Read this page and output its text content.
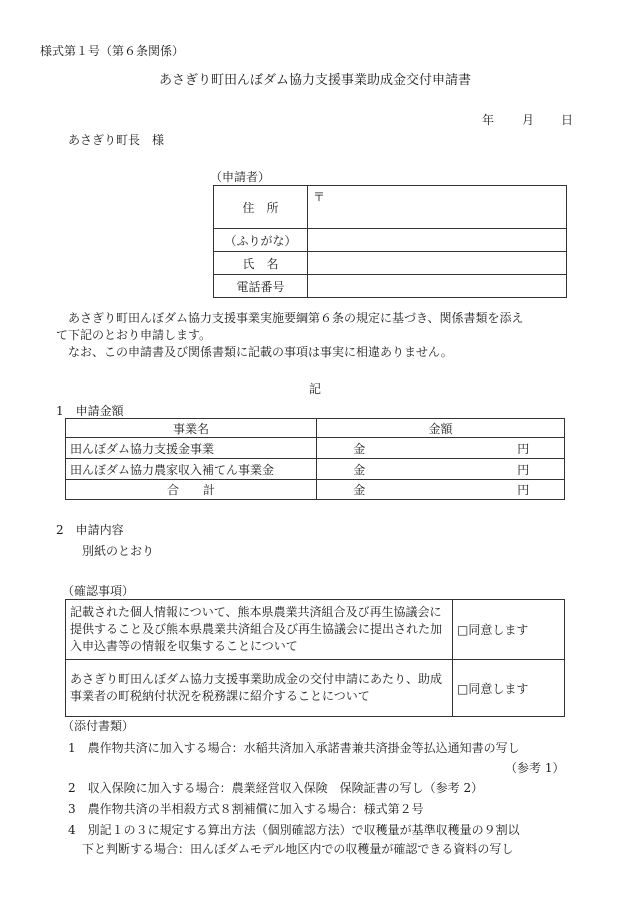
様式第１号（第６条関係）
あさぎり町田んぼダム協力支援事業助成金交付申請書
年 月 日
あさぎり町長　様
（申請者）
住　所	〒
（ふりがな）	
氏　名	
電話番号	
あさぎり町田んぼダム協力支援事業実施要綱第６条の規定に基づき、関係書類を添え
て下記のとおり申請します。
なお、この申請書及び関係書類に記載の事項は事実に相違ありません。
記
1　申請金額
事業名	金額		
田んぼダム協力支援金事業	金		円
田んぼダム協力農家収入補てん事業金	金		円
合　　計	金		円
2　申請内容
別紙のとおり
（確認事項）
記載された個人情報について、熊本県農業共済組合及び再生協議会に提供すること及び熊本県農業共済組合及び再生協議会に提出された加入申込書等の情報を収集することについて	□同意します
あさぎり町田んぼダム協力支援事業助成金の交付申請にあたり、助成事業者の町税納付状況を税務課に紹介することについて	□同意します
（添付書類）
1　農作物共済に加入する場合：水稲共済加入承諾書兼共済掛金等払込通知書の写し
（参考 1）
2　収入保険に加入する場合：農業経営収入保険　保険証書の写し（参考 2）
3　農作物共済の半相殺方式８割補償に加入する場合：様式第２号
4　別記１の３に規定する算出方法（個別確認方法）で収穫量が基準収穫量の９割以
下と判断する場合：田んぼダムモデル地区内での収穫量が確認できる資料の写し
